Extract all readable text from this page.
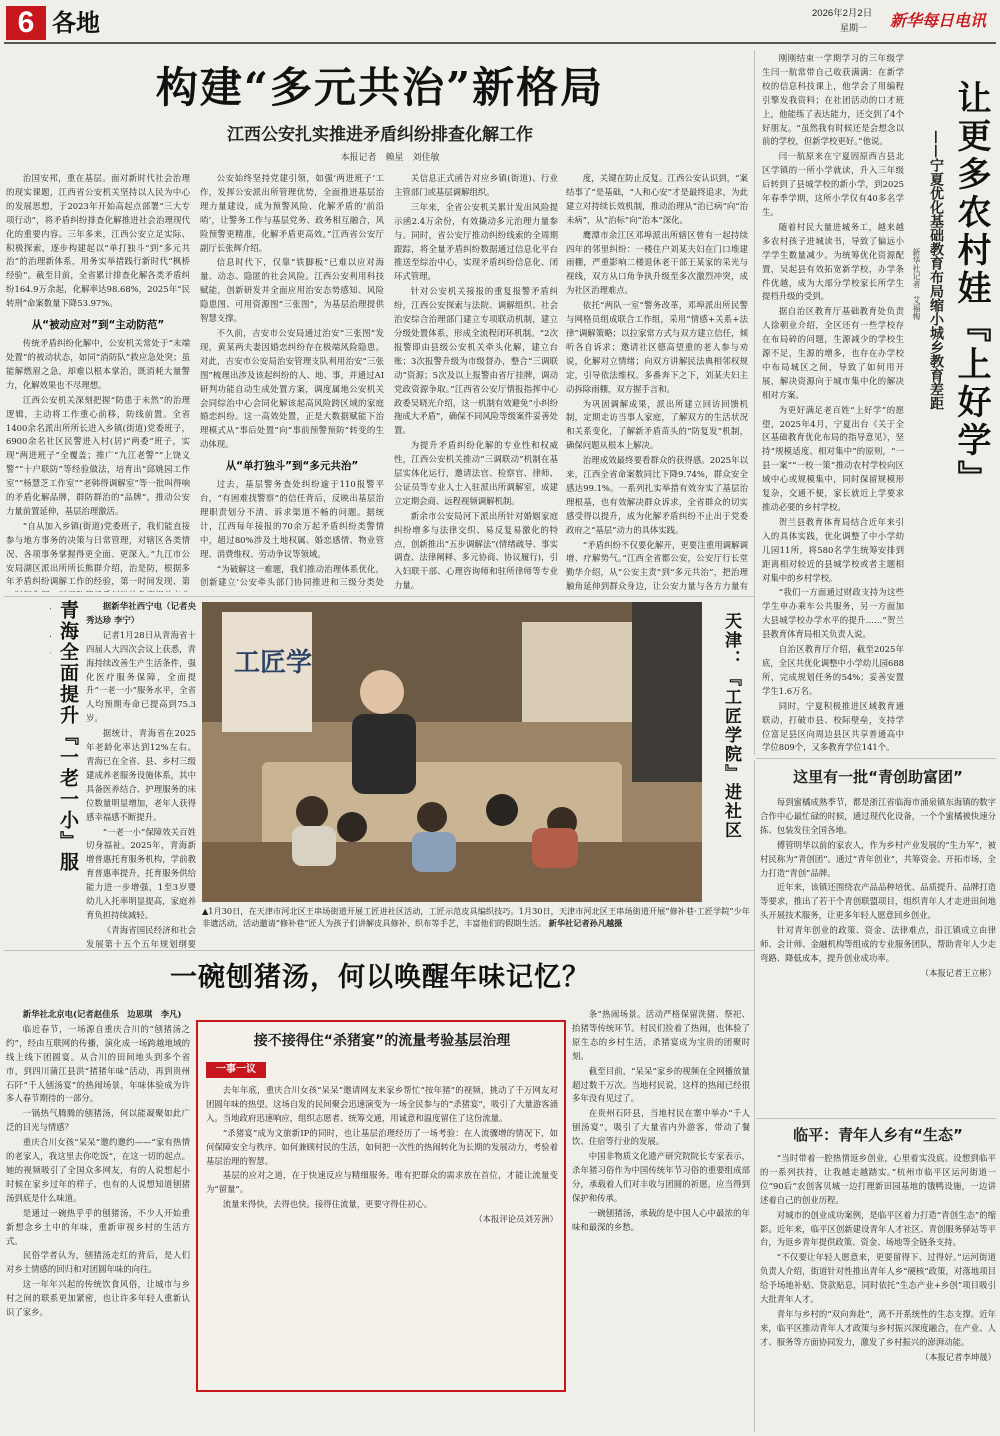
6 各地	2026年2月2日
星期一	新华每日电讯
构建“多元共治”新格局
江西公安扎实推进矛盾纠纷排查化解工作
本报记者　赖星　刘佳敏

治国安邦，重在基层。面对新时代社会治理的现实课题，江西省公安机关坚持以人民为中心的发展思想，于2023年开始高起点部署“三大专项行动”，将矛盾纠纷排查化解推进社会治理现代化的重要内容。三年多来，江西公安立足实际、积极探索，逐步构建起以“单打独斗”到“多元共治”的治理新体系，用务实举措践行新时代“枫桥经验”。截至目前，全省累计排查化解各类矛盾纠纷164.9万余起，化解率达98.68%，2025年“民转刑”命案数量下降53.97%。

从“被动应对”到“主动防范”

传统矛盾纠纷化解中，公安机关常处于“末端处置”的被动状态，如同“消防队”救应急处突；虽能解燃眉之急，却难以根本掌治，既消耗大量警力，化解效果也不尽理想。

江西公安机关深刻把握“防患于未然”的治理逻辑，主动将工作重心前移，防线前置。全省1400余名派出所所长进入乡镇(街道)党委班子，6900余名社区民警进入村(居)“两委”班子，实现“两进班子”全覆盖；推广“九江老警”“上饶义警”“十户联防”等经验做法，培育出“邱姚园工作室”“杨慧芝工作室”“老韩得调解室”等一批叫得响的矛盾化解品牌，群防群治的“品牌”，推动公安力量前置延伸，基层治理激活。

“自从加入乡镇(街道)党委班子，我们能直接参与地方事务的决策与日常管理，对辖区各类情况、各项事务掌握得更全面、更深入。”九江市公安局湖区派出所所长熊群介绍，治是防，根据多年矛盾纠纷调解工作的经验，第一时间发现、第

公安始终坚持党建引领，如强‘两进班子’工作，发挥公安派出所管理优势，全面推进基层治理力量建设，成为预警风险、化解矛盾的‘前沿哨’，让警务工作与基层党务、政务相互融合，风险预警更精准，化解矛盾更高效。”江西省公安厅副厅长张辉介绍。

信息时代下，仅靠“铁脚板”已难以应对海量、动态、隐匿的社会风险。江西公安利用科技赋能，创新研发并全面应用治安态势感知、风险隐患图、可用资源图“三张图”，为基层治理提供智慧支撑。

不久前，吉安市公安局通过治安“三张图”发现，黄某两夫妻因婚恋纠纷存在极端风险隐患。对此，吉安市公安局治安管理支队利用治安“三张图”梳理出涉及该起纠纷的人、地、事，并通过AI研判功能自动生成处置方案，调度属地公安机关会同综治中心会同化解该起高风险跨区域的家庭婚恋纠纷。这一高效处置，正是大数据赋能下治理模式从“事后处置”向“事前预警预防”转变的生动体现。

从“单打独斗”到“多元共治”

过去，基层警务查处纠纷逾于110报警平台，“有困难找警察”的信任背后，反映出基层治理职责划分不清、诉求渠道不畅的问题。据统计，江西每年接报的70余万起矛盾纠纷类警情中，超过80%涉及土地权属、婚恋感情、物业管理、消费维权、劳动争议等领域。

“为破解这一难题，我们推动治理体系优化，创新建立‘公安牵头部门协同推进和三级分类处

关信息正式函告对应乡镇(街道)、行业主管部门或基层调解组织。

三年来，全省公安机关累计发出风险提示函2.4万余份，有效撬动多元治理力量参与。同时，省公安厅推动纠纷线索的全周期跟踪，将全量矛盾纠纷数据通过信息化平台推送至综治中心，实现矛盾纠纷信息化、闭环式管理。

针对公安机关接报的重复报警矛盾纠纷，江西公安探索与法院、调解组织、社会治安综合治理部门建立专项联动机制，建立分级处置体系，形成全流程闭环机制。“2次报警即由县级公安机关牵头化解，建立台账；3次报警升级为市级督办，整合“三调联动”资源；5次及以上报警由省厅挂牌，调动党政资源争取。”江西省公安厅情报指挥中心政委吴晓光介绍，这一机制有效避免“小纠纷拖成大矛盾”，确保不同风险等级案件妥善处置。

为提升矛盾纠纷化解的专业性和权威性，江西公安机关推动“三调联动”机制在基层实体化运行，邀请法官、检察官、律师、公证员等专业人士入驻派出所调解室，成建立定期会商、远程视频调解机制。

新余市公安局河下派出所针对婚姻家庭纠纷增多与法律交织、易反复易激化的特点，创新推出“五步调解法”(情绪疏导、事实调查、法律阐释、多元协商、协议履行)，引入妇联干部、心理咨询师和驻所律师等专业力量。

度，关键在防止反复。江西公安认识到，“案结事了”是基础，“人和心安”才是最终追求，为此建立对持续长效机制，推动治理从“治已病”向“治未病”，从“治标”向“治本”深化。

鹰潭市余江区邓埠派出所辖区曾有一起持续四年的邻里纠纷：一楼住户刘某夫妇在门口堆建雨棚，严重影响二楼退休老干部王某家的采光与视线，双方从口角争执升级至多次激烈冲突，成为社区治理难点。

依托“两队一室”警务改革，邓埠派出所民警与网格员组成联合工作组，采用“情感+关系+法律”调解策略；以拉家常方式与双方建立信任，倾听各自诉求；邀请社区德高望重的老人参与劝说，化解对立情绪；向双方讲解民法典相邻权规定，引导依法维权。多番奔下之下，刘某夫妇主动拆除雨棚，双方握手言和。

为巩固调解成果，派出所建立回访回馈机制，定期走访当事人家庭，了解双方的生活状况和关系变化，了解新矛盾苗头的“防复发”机制，确保问题从根本上解决。

治理成效最终要看群众的获得感。2025年以来，江西全省命案数同比下降9.74%，群众安全感达99.1%。一系列扎实举措有效夯实了基层治理根基，也有效解决群众诉求，全省群众的切实感受得以提升，成为化解矛盾纠纷不止出于党委政府之“基层”动力的具体实践。

“矛盾纠纷不仅要化解开，更要注重用调解调增、疗解势气。”江西全省都公安，公安厅行长堂勤华介绍，从“公安主责”到“多元共治”，把治理触角延伸到群众身边，让公安力量与各方力量有

刚刚结束一学期学习的三年级学生闫一航常带自己收获满满：在新学校的信息科技课上，他学会了用编程引擎发我资料；在社团活动的口才班上，他能练了表达能力，还交到了4个好朋友。“虽然我有时候还是会想念以前的学校，但新学校更好。”他说。

闫一航原来在宁夏固原西吉县北区学镇的一所小学就读，升入三年级后转到了县城学校的新小学，到2025年春季学期，这所小学仅有40多名学生。

随着村民大量进城务工，越来越多农村孩子进城读书，导致了偏远小学学生数量减少。为统筹优化资源配置，吴起县有效拓宽新学校，办学条件优越，成为大部分学校家长所学生提档升级的受到。

据自治区教育厅基础教育处负责人徐朝业介绍，全区还有一些学校存在布局碎的问题，生源减少的学校生源不足，生源的增多，也存在办学校中布局城区之间，导致了如何用开展，解决资源向于城市集中化的解决相对方案。

为更好满足老百姓“上好学”的愿望，2025年4月，宁夏出台《关于全区基础教育优化布局的指导意见》，坚持“规模适度、相对集中”的原则，“一县一案”“一校一策”推动农村学校向区域中心或规模集中，同时保留规模形复杂，交通不便，家长就近上学要求推动必要的乡村学校。

贺兰县教育体育局结合近年来引入的具体实践，优化调整了中小学幼儿园11所，将580名学生统筹安排到距离相对较近的县城学校或者主题相对集中的乡村学校。

“我们一方面通过财政支持为这些学生申办乘车公共服务，另一方面加大县城学校办学水平的提升……”贺兰县教育体育局相关负责人说。

自治区教育厅介绍，截至2025年底，全区共优化调整中小学幼儿园688所，完成规划任务的54%；妥善安置学生1.6万名。

同时，宁夏积极推进区域教育通联动，打破市县、校际壁垒，支持学位富足县区向周边县区共享普通高中学位809个，又多教育学位141个。

让更多农村娃『上好学』
——宁夏优化基础教育布局缩小城乡教育差距
新华社记者　艾福梅
青海全面提升『一老一小』服

据新华社西宁电（记者央秀达珍 李宁）

记者1月28日从青海省十四届人大四次会议上获悉，青海持续改善生产生活条件，强化医疗服务保障，全面提升“一老一小”服务水平，全省人均预期寿命已提高到75.3岁。

据统计，青海省在2025年老龄化率达到12%左右。青海已在全省、县、乡村三级建成养老服务设施体系，其中具备医养结合、护理服务的床位数量明显增加，老年人获得感幸福感不断提升。

“一老一小”保障效关百姓切身福祉。2025年，青海新增普惠托育服务机构，学前教育普惠率提升，托育服务供给能力进一步增强，1至3岁婴幼儿入托率明显提高，家庭养育负担持续减轻。

《青海省国民经济和社会发展第十五个五年规划纲要

工匠学	天津：『工匠学院』进社区
▲1月30日，在天津市河北区王串场街道开展工匠进社区活动，工匠示范皮具编织技巧。1月30日，天津市河北区王串场街道开展“修补巷·工匠学院”少年非遗活动，活动邀请“修补巷”匠人为孩子们讲解皮具修补、织布等手艺，丰富他们的假期生活。 新华社记者孙凡越摄
这里有一批“青创助富团”

每到蜜橘成熟季节，都是浙江省临海市涌泉镇东海镇的数字合作中心最忙碌的时候，通过现代化设备，一个个蜜橘被快速分拣、包装发往全国各地。

傅管明华以前的家农人，作为乡村产业发展的“生力军”，被村民称为“青创团”。通过“青年创业”，共筹资金、开拓市场，全力打造“青创”品牌。

近年来，该镇还围绕农产品品种培优、品质提升、品牌打造等要求，推出了若干个青创联盟项目，组织青年人才走进田间地头开展技术服务，让更多年轻人愿意回乡创业。

针对青年创业的政策、资金、法律难点，沿江镇成立由律师、会计师、金融机构等组成的专业服务团队，帮助青年人少走弯路、降低成本，提升创业成功率。

（本报记者王立彬）

临平：青年人乡有“生态”

“当时带着一腔热情返乡创业，心里着实没底。设想到临平的一系列扶持，让我越走越踏实。”杭州市临平区运河街道一位“90后”农创客贝城一边打理新田园基地的饿鸭设施，一边讲述着自己的创业历程。

对城市的创业成功案例，是临平区着力打造“青创生态”的缩影。近年来，临平区创新建设青年人才社区、青创服务驿站等平台，为返乡青年提供政策、资金、场地等全链条支持。

“不仅要让年轻人愿意来，更要留得下、过得好。”运河街道负责人介绍，街道针对性推出青年人乡“硬核”政策，对落地项目给予场地补贴、贷款贴息，同时依托“生态产业+乡创”项目吸引大批青年人才。

青年与乡村的“双向奔赴”，离不开系统性的生态支撑。近年来，临平区推动青年人才政策与乡村振兴深度融合，在产业、人才、服务等方面协同发力，激发了乡村振兴的澎湃动能。

（本报记者李坤晟）

一碗刨猪汤，何以唤醒年味记忆？

新华社北京电(记者赵佳乐　边思琪　李凡)

临近春节，一场源自重庆合川的“刨猪汤之约”，经由互联网的传播，演化成一场跨越地域的线上线下团圆宴。从合川的田间地头到多个省市，到四川蒲江县洪“猪猪年味”活动，再到贵州石阡“千人刨汤宴”的热闹场景，年味体验成为许多人春节期待的一部分。

一锅热气腾腾的刨猪汤，何以能凝聚如此广泛的目光与情感？

重庆合川女孩“呆呆”邀约邀约——“家有热情的老家人，我这里去你吃饭”，在这一切的起点。她的视频吸引了全国众多网友，有的人说想起小时候在家乡过年的样子，也有的人说想知道刨猪汤到底是什么味道。

是通过一碗热乎乎的刨猪汤，不少人开始重新想念乡土中的年味，重新审视乡村的生活方式。

民俗学者认为，刨猪汤走红的背后，是人们对乡土情感的回归和对团圆年味的向往。

这一年年兴起的传统饮食风俗，让城市与乡村之间的联系更加紧密，也让许多年轻人重新认识了家乡。

接不接得住“杀猪宴”的流量考验基层治理
一事一议

去年年底，重庆合川女孩“呆呆”邀请网友来家乡帮忙“按年猪”的视频，挑动了千万网友对团圆年味的热望。这场自发的民间聚会迅速演变为一场全民参与的“杀猪宴”，吸引了大量游客涌入。当地政府迅速响应，组织志愿者、统筹交通，用诚意和温度留住了这份流量。

“杀猪宴”成为文旅新IP的同时，也让基层治理经历了一场考验：在人流骤增的情况下，如何保障安全与秩序、如何兼顾村民的生活，如何把一次性的热闹转化为长期的发展动力，考验着基层治理的智慧。

基层的应对之道，在于快速反应与精细服务。唯有把群众的需求放在首位，才能让流量变为“留量”。

流量来得快，去得也快。接得住流量，更要守得住初心。

（本报评论员刘芳洲）

条”热闹场景。活动严格保留洗猪、祭祀、抬猪等传统环节。村民们捡着了热闹，也体验了原生态的乡村生活，杀猪宴成为宝贵的团聚时刻。

截至目前，“呆呆”家乡的视频在全网播放量超过数千万次。当地村民说，这样的热闹已经很多年没有见过了。

在贵州石阡县，当地村民在寨中举办“千人刨汤宴”，吸引了大量省内外游客，带动了餐饮、住宿等行业的发展。

中国非物质文化遗产研究院院长专家表示，杀年猪习俗作为中国传统年节习俗的重要组成部分，承载着人们对丰收与团圆的祈愿，应当得到保护和传承。

一碗刨猪汤，承载的是中国人心中最浓的年味和最深的乡愁。
